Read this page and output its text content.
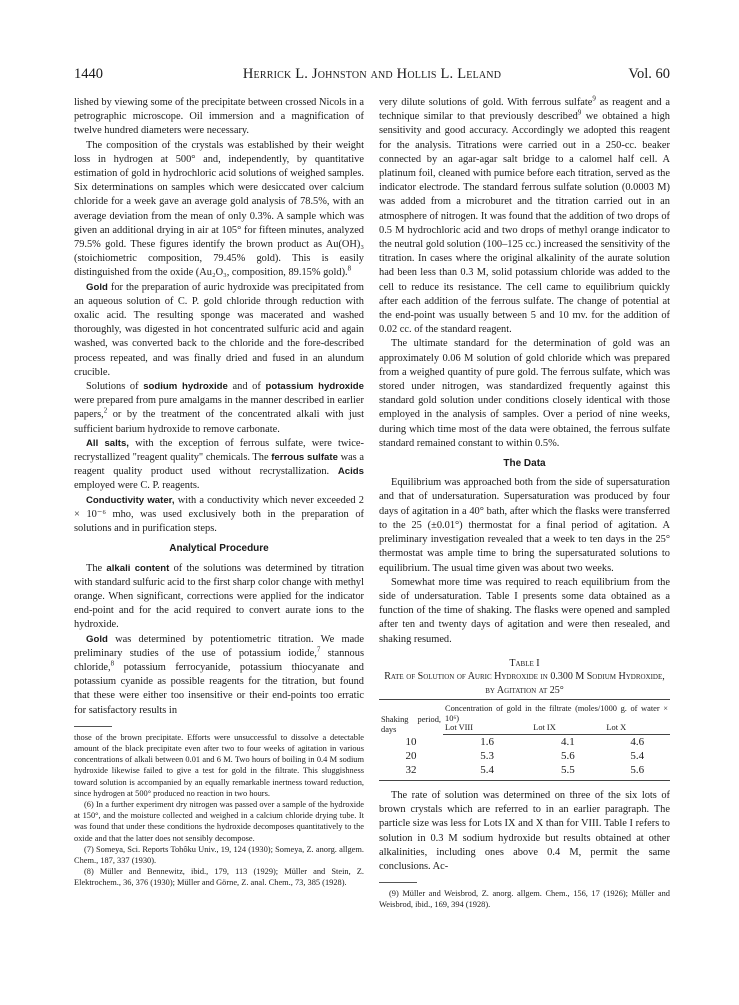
1440	Herrick L. Johnston and Hollis L. Leland	Vol. 60

lished by viewing some of the precipitate between crossed Nicols in a petrographic microscope. Oil immersion and a magnification of twelve hundred diameters were necessary.

The composition of the crystals was established by their weight loss in hydrogen at 500° and, independently, by quantitative estimation of gold in hydrochloric acid solutions of weighed samples. Six determinations on samples which were desiccated over calcium chloride for a week gave an average gold analysis of 78.5%, with an average deviation from the mean of only 0.3%. A sample which was given an additional drying in air at 105° for fifteen minutes, analyzed 79.5% gold. These figures identify the brown product as Au(OH)₃ (stoichiometric composition, 79.45% gold). This is easily distinguished from the oxide (Au₂O₃, composition, 89.15% gold).$^8$

Gold for the preparation of auric hydroxide was precipitated from an aqueous solution of C. P. gold chloride through reduction with oxalic acid. The resulting sponge was macerated and washed thoroughly, was digested in hot concentrated sulfuric acid and again washed, was converted back to the chloride and the fore-described process repeated, and was finally dried and fused in an alundum crucible.

Solutions of sodium hydroxide and of potassium hydroxide were prepared from pure amalgams in the manner described in earlier papers,$^2$ or by the treatment of the concentrated alkali with just sufficient barium hydroxide to remove carbonate.

All salts, with the exception of ferrous sulfate, were twice-recrystallized "reagent quality" chemicals. The ferrous sulfate was a reagent quality product used without recrystallization. Acids employed were C. P. reagents.

Conductivity water, with a conductivity which never exceeded 2 × 10⁻⁶ mho, was used exclusively both in the preparation of solutions and in purification steps.

Analytical Procedure

The alkali content of the solutions was determined by titration with standard sulfuric acid to the first sharp color change with methyl orange. When significant, corrections were applied for the indicator end-point and for the acid required to convert aurate ions to the hydroxide.

Gold was determined by potentiometric titration. We made preliminary studies of the use of potassium iodide,$^7$ stannous chloride,$^8$ potassium ferrocyanide, potassium thiocyanate and potassium cyanide as possible reagents for the titration, but found that these were either too insensitive or their end-points too erratic for satisfactory results in

those of the brown precipitate. Efforts were unsuccessful to dissolve a detectable amount of the black precipitate even after two to four weeks of agitation in various concentrations of alkali between 0.01 and 6 M. Two hours of boiling in 0.4 M sodium hydroxide likewise failed to give a test for gold in the filtrate. This sluggishness toward solution is accompanied by an equally remarkable inertness toward reduction, since hydrogen at 500° produced no reaction in two hours.

(6) In a further experiment dry nitrogen was passed over a sample of the hydroxide at 150°, and the moisture collected and weighed in a calcium chloride drying tube. It was found that under these conditions the hydroxide decomposes quantitatively to the oxide and that the latter does not sensibly decompose.

(7) Someya, Sci. Reports Tohôku Univ., 19, 124 (1930); Someya, Z. anorg. allgem. Chem., 187, 337 (1930).

(8) Müller and Bennewitz, ibid., 179, 113 (1929); Müller and Stein, Z. Elektrochem., 36, 376 (1930); Müller and Görne, Z. anal. Chem., 73, 385 (1928).

very dilute solutions of gold. With ferrous sulfate$^9$ as reagent and a technique similar to that previously described$^9$ we obtained a high sensitivity and good accuracy. Accordingly we adopted this reagent for the analysis. Titrations were carried out in a 250-cc. beaker connected by an agar-agar salt bridge to a calomel half cell. A platinum foil, cleaned with pumice before each titration, served as the indicator electrode. The standard ferrous sulfate solution (0.0003 M) was added from a microburet and the titration carried out in an atmosphere of nitrogen. It was found that the addition of two drops of 0.5 M hydrochloric acid and two drops of methyl orange indicator to the neutral gold solution (100–125 cc.) increased the sensitivity of the titration. In cases where the original alkalinity of the aurate solution had been less than 0.3 M, solid potassium chloride was added to the cell to reduce its resistance. The cell came to equilibrium quickly after each addition of the ferrous sulfate. The change of potential at the end-point was usually between 5 and 10 mv. for the addition of 0.02 cc. of the standard reagent.

The ultimate standard for the determination of gold was an approximately 0.06 M solution of gold chloride which was prepared from a weighed quantity of pure gold. The ferrous sulfate, which was stored under nitrogen, was standardized frequently against this standard gold solution under conditions closely identical with those employed in the analysis of samples. Over a period of nine weeks, during which time most of the data were obtained, the ferrous sulfate standard remained constant to within 0.5%.

The Data

Equilibrium was approached both from the side of supersaturation and that of undersaturation. Supersaturation was produced by four days of agitation in a 40° bath, after which the flasks were transferred to the 25 (±0.01°) thermostat for a final period of agitation. A preliminary investigation revealed that a week to ten days in the 25° thermostat was ample time to bring the supersaturated solutions to equilibrium. The usual time given was about two weeks.

Somewhat more time was required to reach equilibrium from the side of undersaturation. Table I presents some data obtained as a function of the time of shaking. The flasks were opened and sampled after ten and twenty days of agitation and were then resealed, and shaking resumed.

Table I
Rate of Solution of Auric Hydroxide in 0.300 M Sodium Hydroxide, by Agitation at 25°
Shaking period, days	Concentration of gold in the filtrate (moles/1000 g. of water × 10⁶)		
	Lot VIII	Lot IX	Lot X
10	1.6	4.1	4.6
20	5.3	5.6	5.4
32	5.4	5.5	5.6

The rate of solution was determined on three of the six lots of brown crystals which are referred to in an earlier paragraph. The particle size was less for Lots IX and X than for VIII. Table I refers to solution in 0.3 M sodium hydroxide but results obtained at other alkalinities, including ones above 0.4 M, permit the same conclusions. Ac-

(9) Müller and Weisbrod, Z. anorg. allgem. Chem., 156, 17 (1926); Müller and Weisbrod, ibid., 169, 394 (1928).
